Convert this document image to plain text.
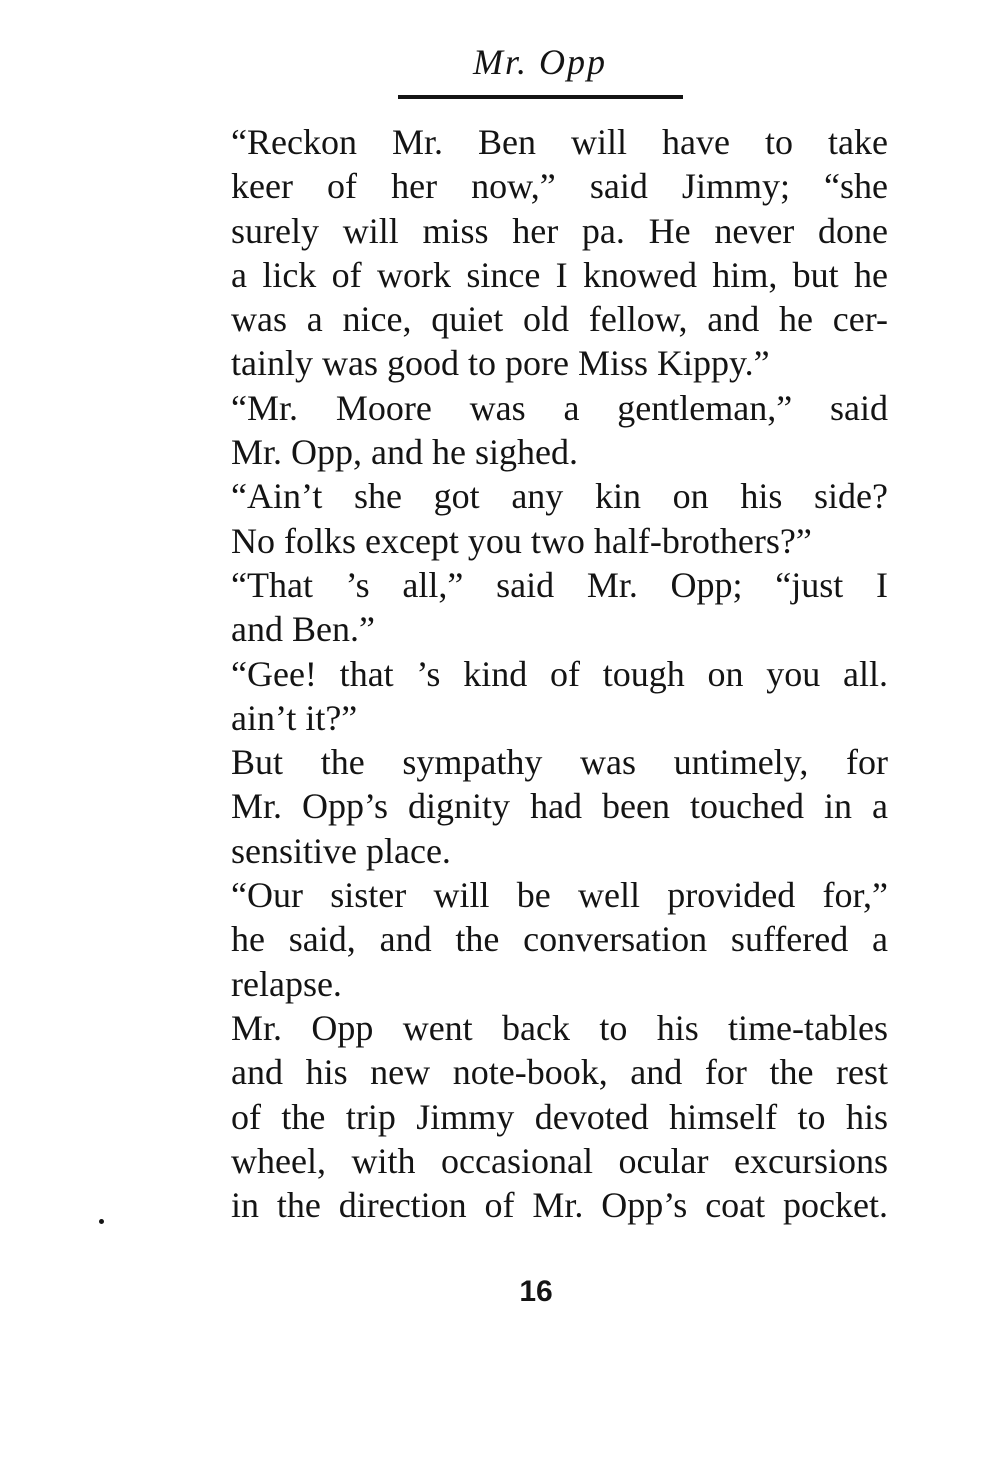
Mr. Opp

“Reckon Mr. Ben will have to take
keer of her now,” said Jimmy; “she
surely will miss her pa. He never done
a lick of work since I knowed him, but he
was a nice, quiet old fellow, and he cer-
tainly was good to pore Miss Kippy.”

“Mr. Moore was a gentleman,” said
Mr. Opp, and he sighed.

“Ain’t she got any kin on his side?
No folks except you two half-brothers?”

“That ’s all,” said Mr. Opp; “just I
and Ben.”

“Gee! that ’s kind of tough on you all.
ain’t it?”

But the sympathy was untimely, for
Mr. Opp’s dignity had been touched in a
sensitive place.

“Our sister will be well provided for,”
he said, and the conversation suffered a
relapse.

Mr. Opp went back to his time-tables
and his new note-book, and for the rest
of the trip Jimmy devoted himself to his
wheel, with occasional ocular excursions
in the direction of Mr. Opp’s coat pocket.

16
